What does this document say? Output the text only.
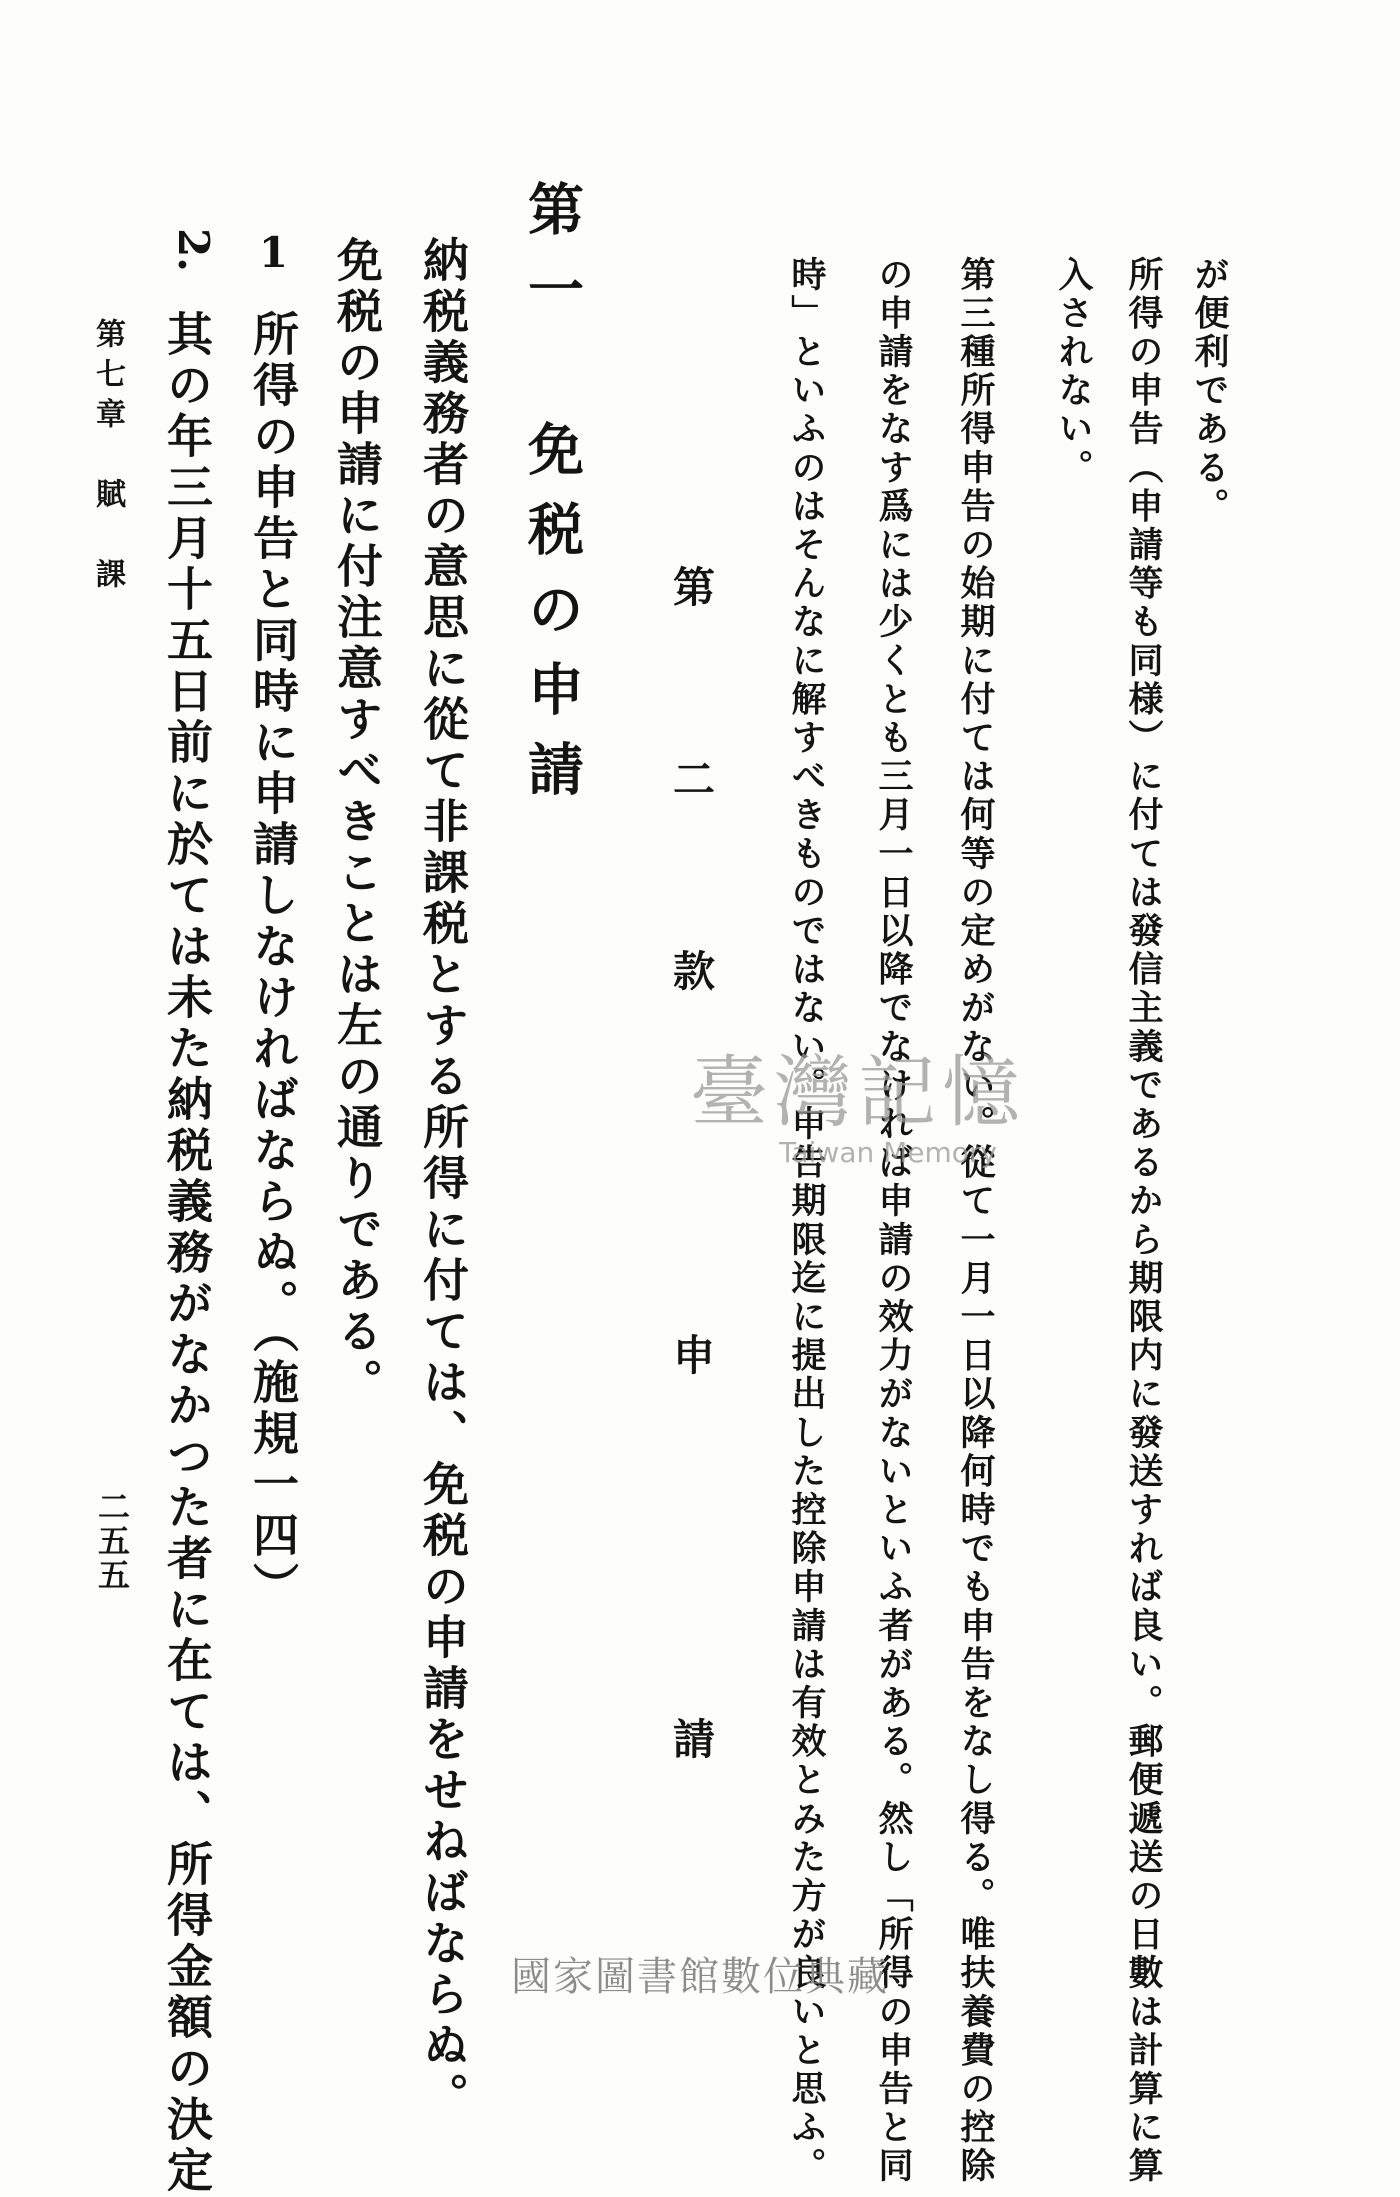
が便利である。
所得の申告（申請等も同様）に付ては發信主義であるから期限内に發送すれば良い。郵便遞送の日數は計算に算
入されない。
第三種所得申告の始期に付ては何等の定めがない。從て一月一日以降何時でも申告をなし得る。唯扶養費の控除
の申請をなす爲には少くとも三月一日以降でなければ申請の效力がないといふ者がある。然し「所得の申告と同
時」といふのはそんなに解すべきものではない。申告期限迄に提出した控除申請は有效とみた方が良いと思ふ。
第二款　申　請
第一　免税の申請
納税義務者の意思に從て非課税とする所得に付ては、免税の申請をせねばならぬ。
免税の申請に付注意すべきことは左の通りである。
1
所得の申告と同時に申請しなければならぬ。（施規一四）
2.
其の年三月十五日前に於ては未た納税義務がなかつた者に在ては、所得金額の決定
第七章　賦　課
二五五
臺灣記憶
Taiwan Memory
國家圖書館數位典藏
